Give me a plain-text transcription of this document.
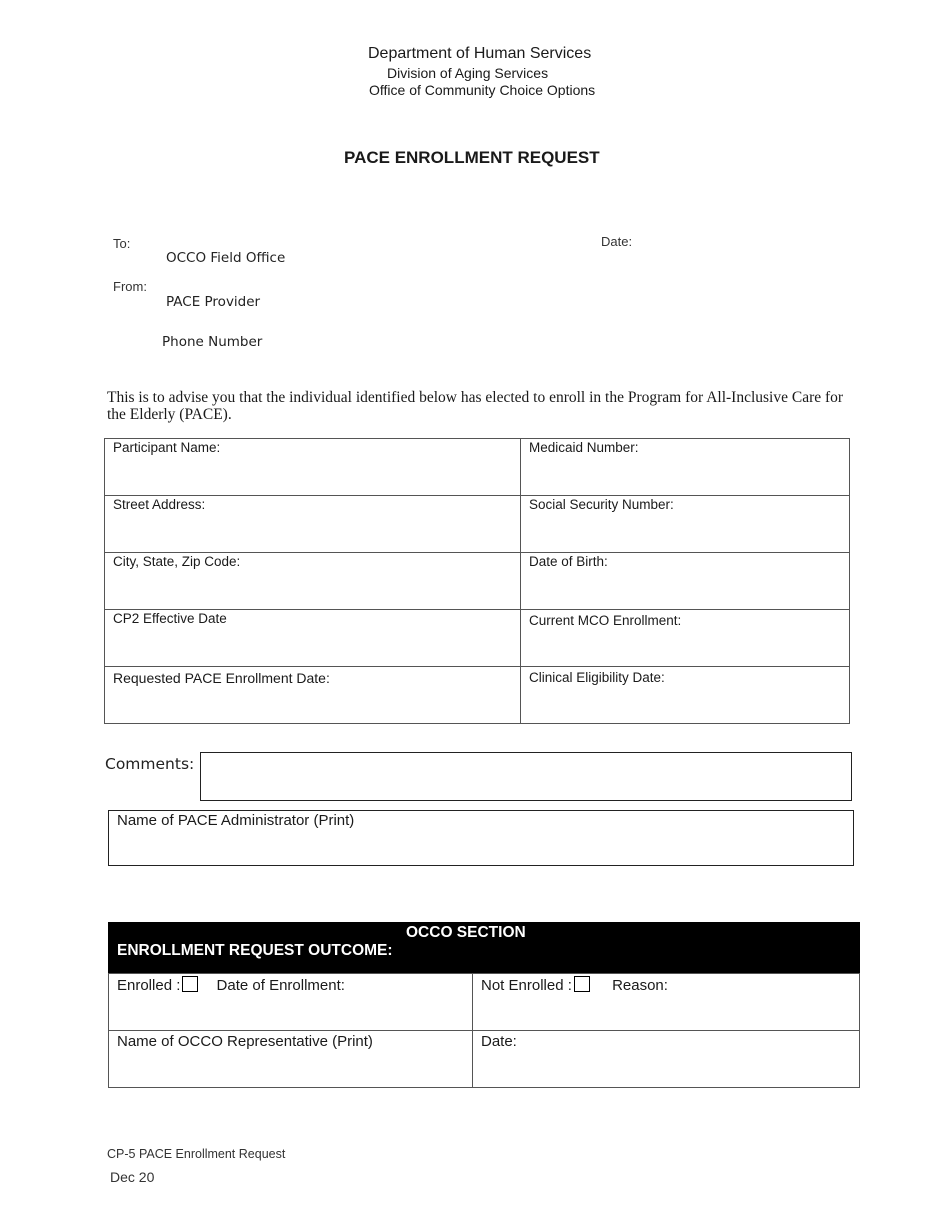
Department of Human Services
Division of Aging Services
Office of Community Choice Options
PACE ENROLLMENT REQUEST
To:
OCCO Field Office
Date:
From:
PACE Provider
Phone Number
This is to advise you that the individual identified below has elected to enroll in the Program for All-Inclusive Care for the Elderly (PACE).
Participant Name:	Medicaid Number:

Street Address:	Social Security Number:

City, State, Zip Code:	Date of Birth:

CP2 Effective Date	Current MCO Enrollment:

Requested PACE Enrollment Date:	Clinical Eligibility Date:
Comments:
Name of PACE Administrator (Print)
OCCO SECTION
ENROLLMENT REQUEST OUTCOME:
Enrolled : Date of Enrollment:	Not Enrolled : Reason:

Name of OCCO Representative (Print)	Date:
CP-5 PACE Enrollment Request
Dec 20
